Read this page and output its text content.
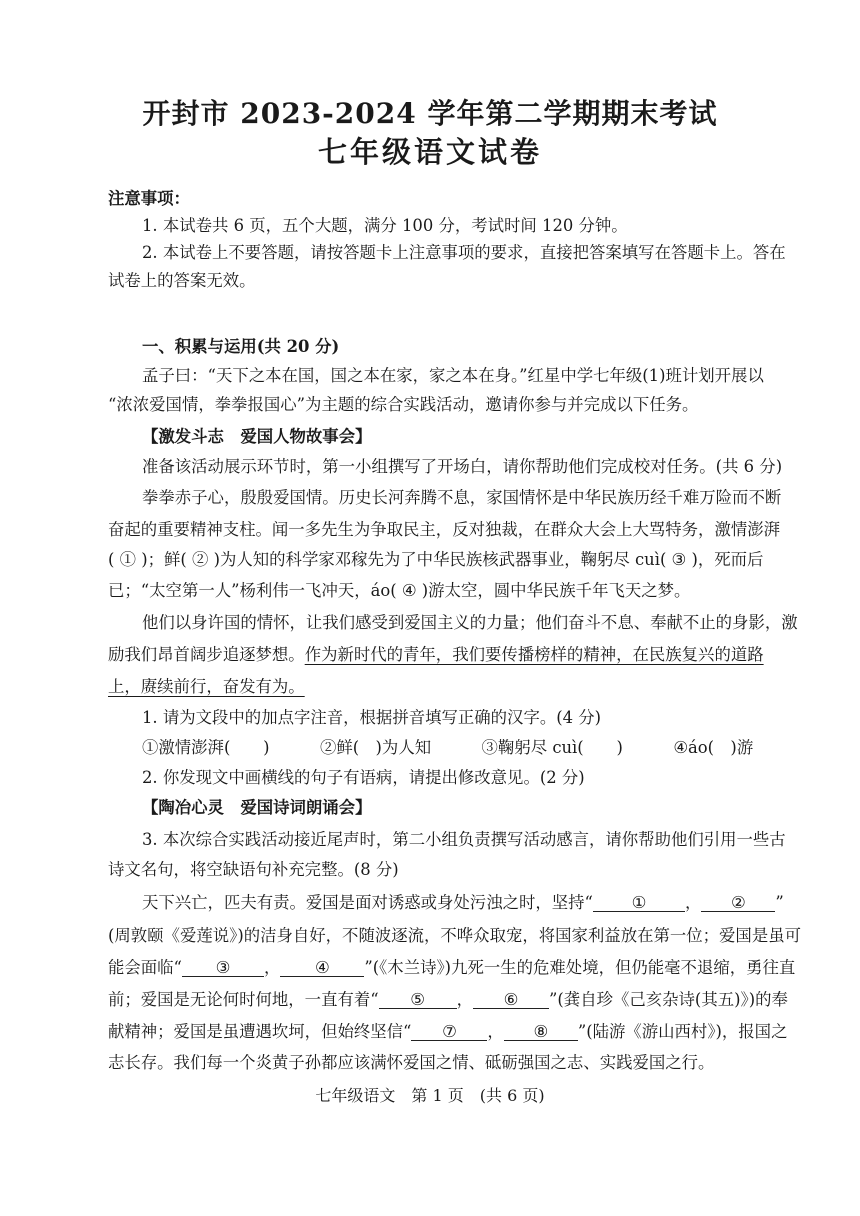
开封市 2023-2024 学年第二学期期末考试
七年级语文试卷
注意事项：
1. 本试卷共 6 页，五个大题，满分 100 分，考试时间 120 分钟。
2. 本试卷上不要答题，请按答题卡上注意事项的要求，直接把答案填写在答题卡上。答在
试卷上的答案无效。
一、积累与运用(共 20 分)
孟子曰：“天下之本在国，国之本在家，家之本在身。”红星中学七年级(1)班计划开展以
“浓浓爱国情，拳拳报国心”为主题的综合实践活动，邀请你参与并完成以下任务。
【激发斗志　爱国人物故事会】
准备该活动展示环节时，第一小组撰写了开场白，请你帮助他们完成校对任务。(共 6 分)
拳拳赤子心，殷殷爱国情。历史长河奔腾不息，家国情怀是中华民族历经千难万险而不断
奋起的重要精神支柱。闻一多先生为争取民主，反对独裁，在群众大会上大骂特务，激情澎湃
( ① )；鲜( ② )为人知的科学家邓稼先为了中华民族核武器事业，鞠躬尽 cuì( ③ )，死而后
已；“太空第一人”杨利伟一飞冲天，áo( ④ )游太空，圆中华民族千年飞天之梦。
他们以身许国的情怀，让我们感受到爱国主义的力量；他们奋斗不息、奉献不止的身影，激
励我们昂首阔步追逐梦想。作为新时代的青年，我们要传播榜样的精神，在民族复兴的道路
上，赓续前行，奋发有为。
1. 请为文段中的加点字注音，根据拼音填写正确的汉字。(4 分)
①激情澎湃(　　)	②鲜(　)为人知	③鞠躬尽 cuì(　　)	④áo(　)游
2. 你发现文中画横线的句子有语病，请提出修改意见。(2 分)
【陶冶心灵　爱国诗词朗诵会】
3. 本次综合实践活动接近尾声时，第二小组负责撰写活动感言，请你帮助他们引用一些古
诗文名句，将空缺语句补充完整。(8 分)
天下兴亡，匹夫有责。爱国是面对诱惑或身处污浊之时，坚持“ ① ， ② ”
(周敦颐《爱莲说》)的洁身自好，不随波逐流，不哗众取宠，将国家利益放在第一位；爱国是虽可
能会面临“ ③ ， ④ ”(《木兰诗》)九死一生的危难处境，但仍能毫不退缩，勇往直
前；爱国是无论何时何地，一直有着“ ⑤ ， ⑥ ”(龚自珍《己亥杂诗(其五)》)的奉
献精神；爱国是虽遭遇坎坷，但始终坚信“ ⑦ ， ⑧ ”(陆游《游山西村》)，报国之
志长存。我们每一个炎黄子孙都应该满怀爱国之情、砥砺强国之志、实践爱国之行。
七年级语文　第 1 页　(共 6 页)
